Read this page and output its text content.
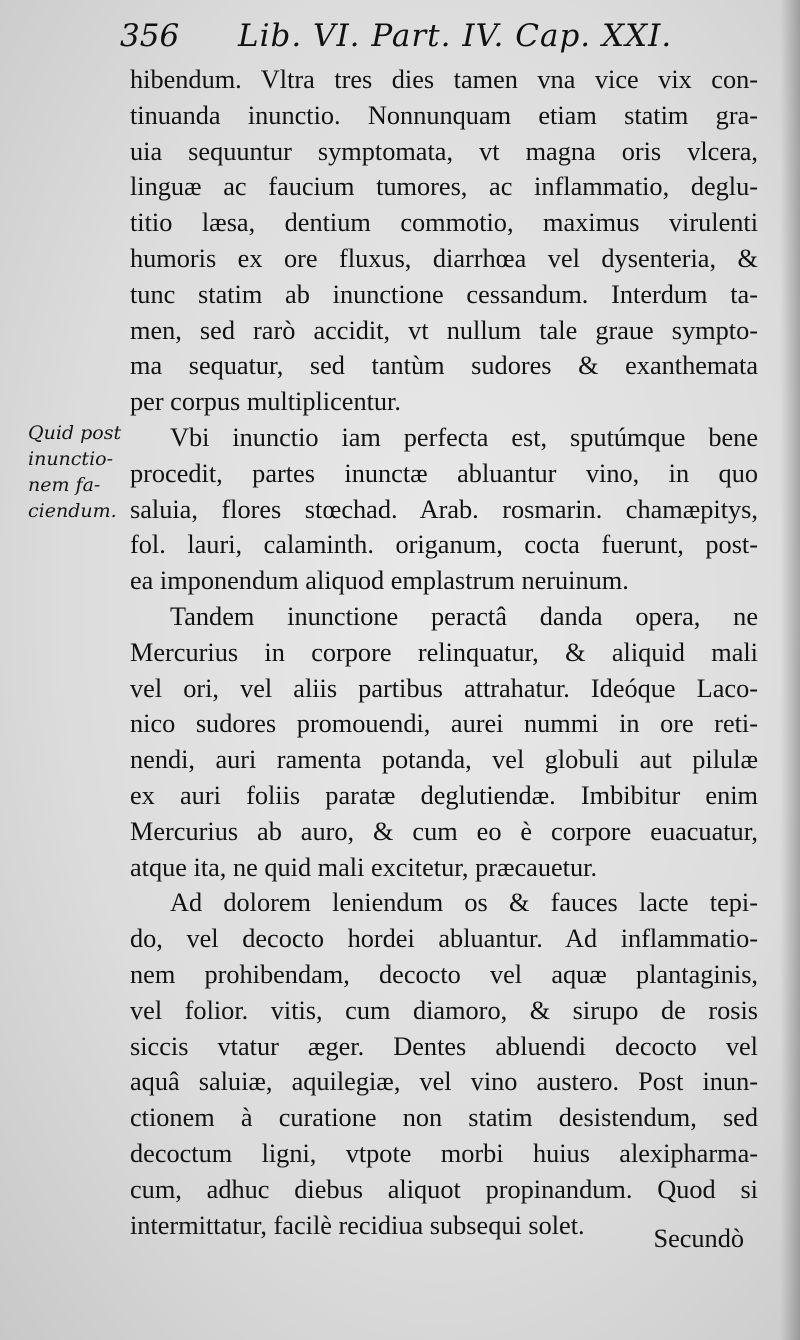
356 Lib. VI. Part. IV. Cap. XXI.
Quid post
inunctio-
nem fa-
ciendum.
hibendum. Vltra tres dies tamen vna vice vix con-
tinuanda inunctio. Nonnunquam etiam statim gra-
uia sequuntur symptomata, vt magna oris vlcera,
linguæ ac faucium tumores, ac inflammatio, deglu-
titio læsa, dentium commotio, maximus virulenti
humoris ex ore fluxus, diarrhœa vel dysenteria, &
tunc statim ab inunctione cessandum. Interdum ta-
men, sed rarò accidit, vt nullum tale graue sympto-
ma sequatur, sed tantùm sudores & exanthemata
per corpus multiplicentur.
Vbi inunctio iam perfecta est, sputúmque bene
procedit, partes inunctæ abluantur vino, in quo
saluia, flores stœchad. Arab. rosmarin. chamæpitys,
fol. lauri, calaminth. origanum, cocta fuerunt, post-
ea imponendum aliquod emplastrum neruinum.
Tandem inunctione peractâ danda opera, ne
Mercurius in corpore relinquatur, & aliquid mali
vel ori, vel aliis partibus attrahatur. Ideóque Laco-
nico sudores promouendi, aurei nummi in ore reti-
nendi, auri ramenta potanda, vel globuli aut pilulæ
ex auri foliis paratæ deglutiendæ. Imbibitur enim
Mercurius ab auro, & cum eo è corpore euacuatur,
atque ita, ne quid mali excitetur, præcauetur.
Ad dolorem leniendum os & fauces lacte tepi-
do, vel decocto hordei abluantur. Ad inflammatio-
nem prohibendam, decocto vel aquæ plantaginis,
vel folior. vitis, cum diamoro, & sirupo de rosis
siccis vtatur æger. Dentes abluendi decocto vel
aquâ saluiæ, aquilegiæ, vel vino austero. Post inun-
ctionem à curatione non statim desistendum, sed
decoctum ligni, vtpote morbi huius alexipharma-
cum, adhuc diebus aliquot propinandum. Quod si
intermittatur, facilè recidiua subsequi solet.	Secundò
